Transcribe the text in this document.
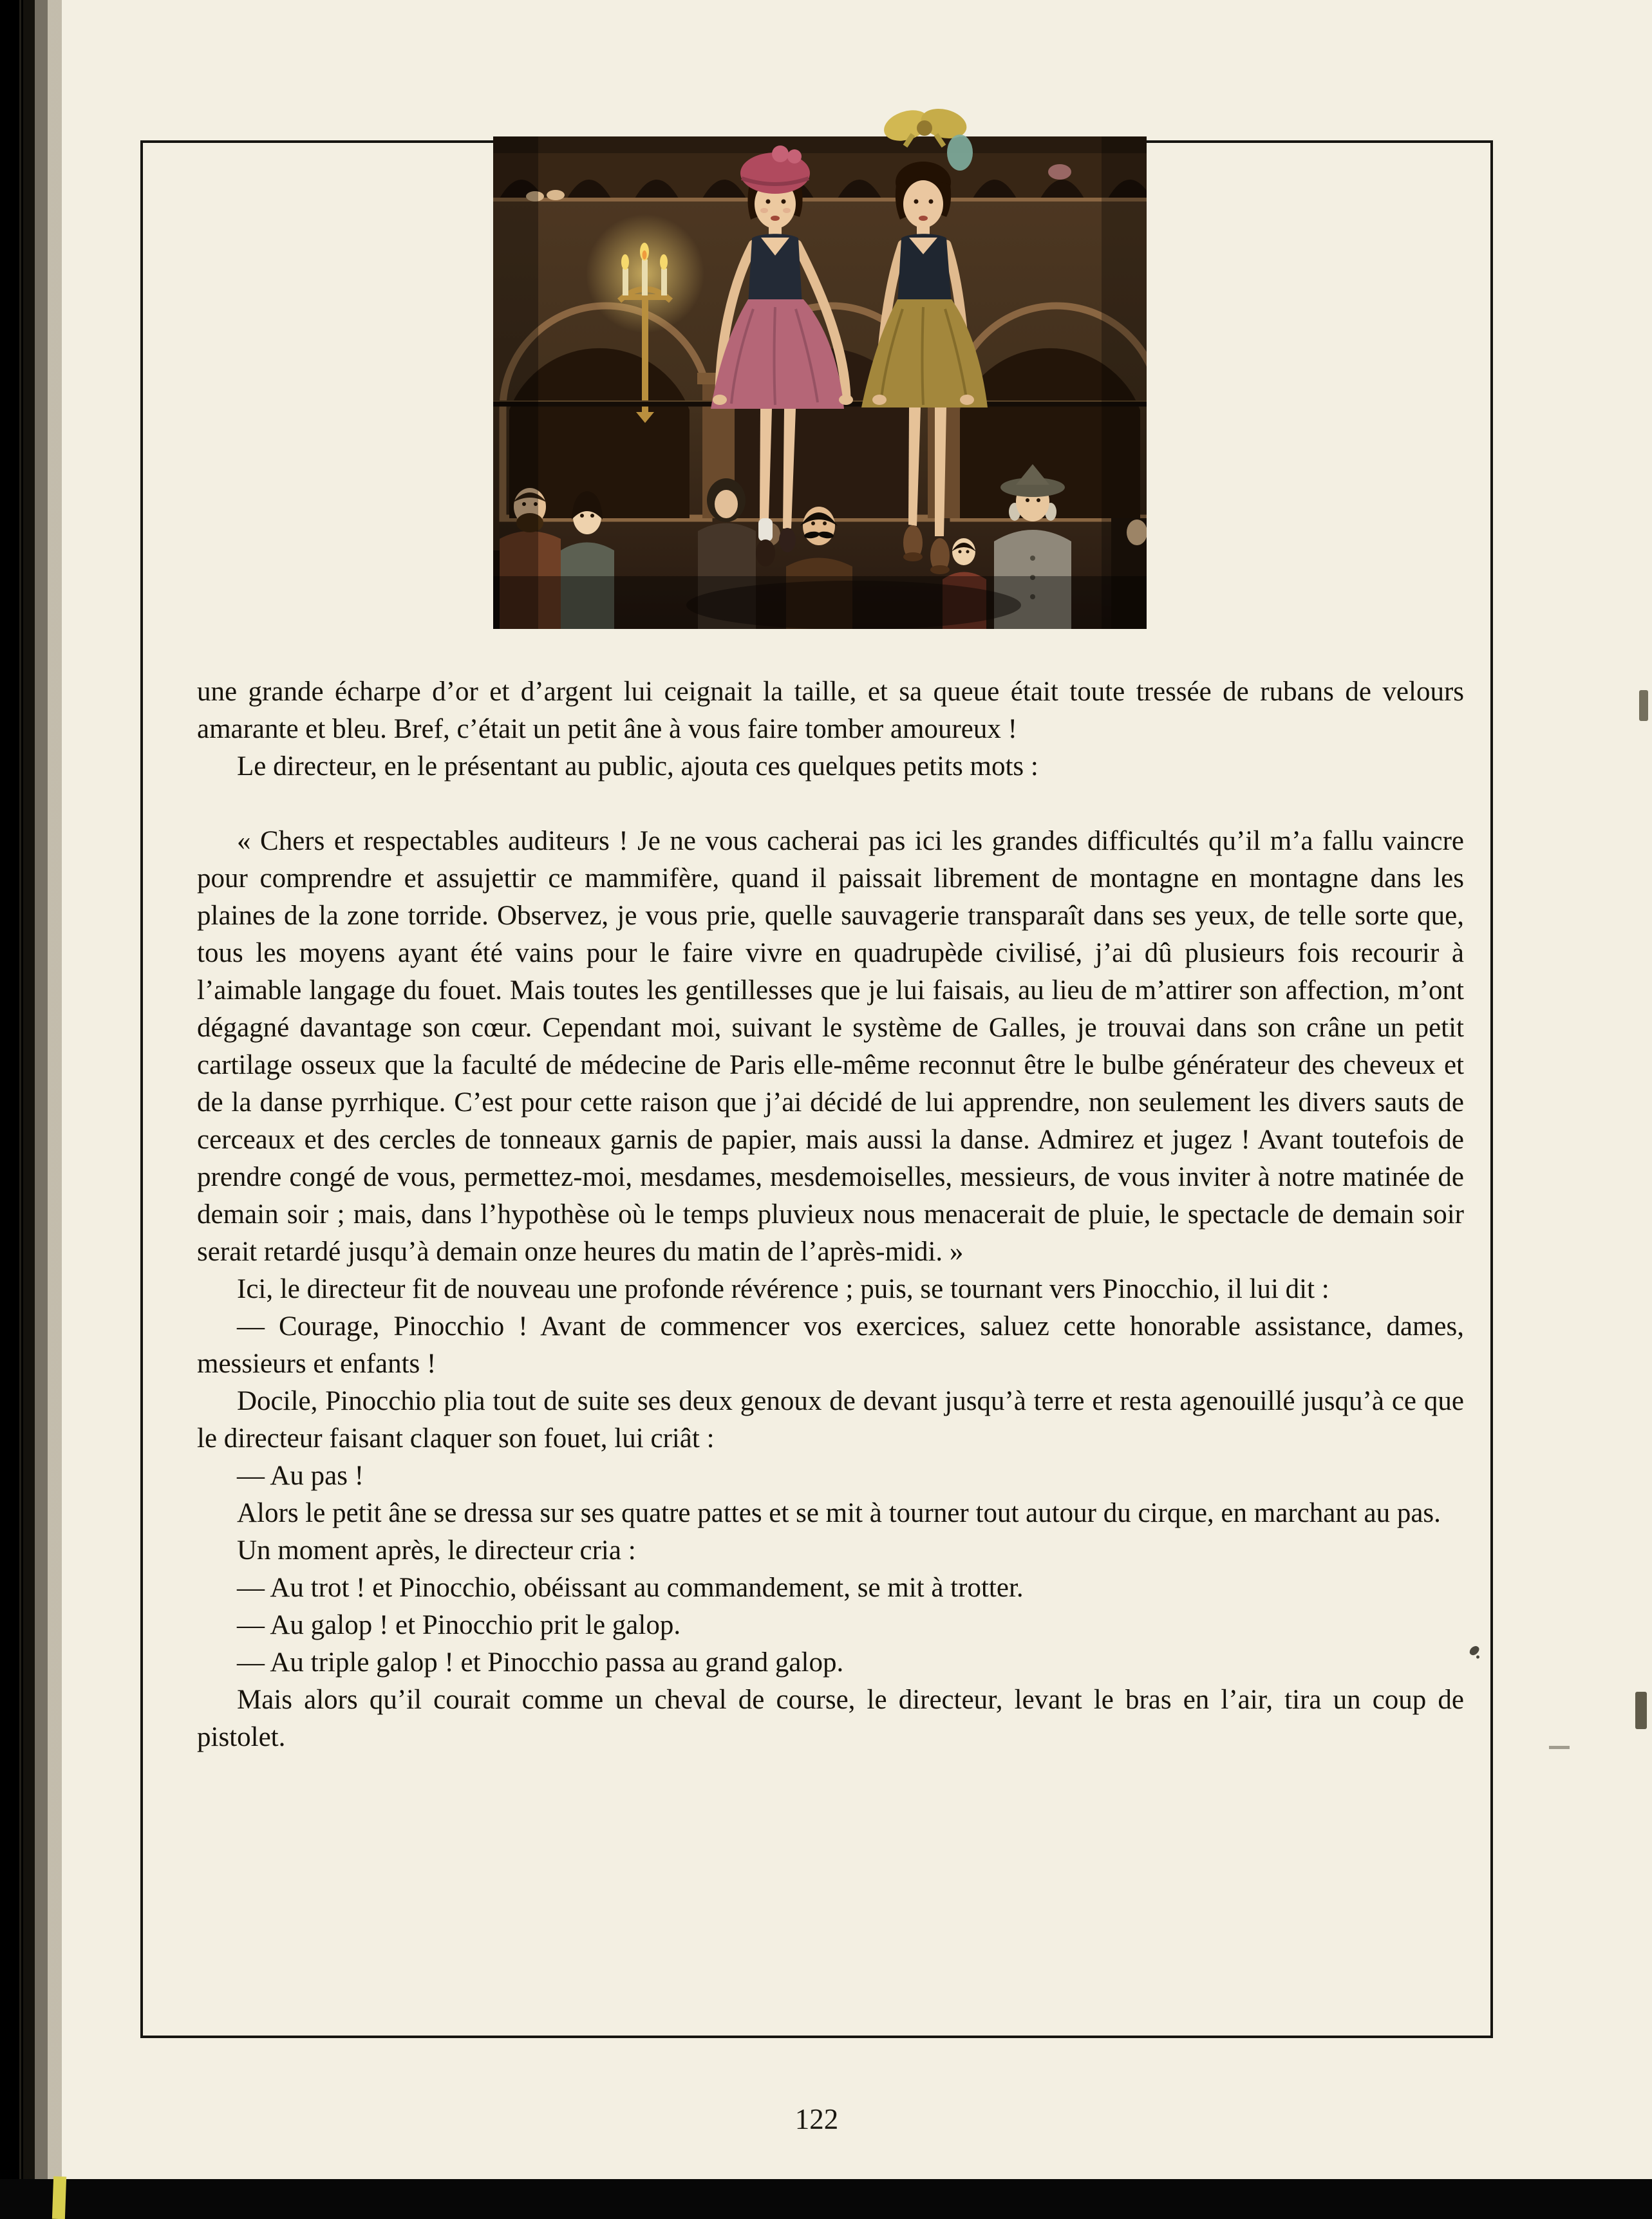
une grande écharpe d’or et d’argent lui ceignait la taille, et sa queue était toute tressée de rubans de velours amarante et bleu. Bref, c’était un petit âne à vous faire tomber amoureux !

Le directeur, en le présentant au public, ajouta ces quelques petits mots :

« Chers et respectables auditeurs ! Je ne vous cacherai pas ici les grandes difficultés qu’il m’a fallu vaincre pour comprendre et assujettir ce mammifère, quand il paissait librement de montagne en montagne dans les plaines de la zone torride. Observez, je vous prie, quelle sauvagerie transparaît dans ses yeux, de telle sorte que, tous les moyens ayant été vains pour le faire vivre en quadrupède civilisé, j’ai dû plusieurs fois recourir à l’aimable langage du fouet. Mais toutes les gentillesses que je lui faisais, au lieu de m’attirer son affection, m’ont dégagné davantage son cœur. Cependant moi, suivant le système de Galles, je trouvai dans son crâne un petit cartilage osseux que la faculté de médecine de Paris elle-même reconnut être le bulbe générateur des cheveux et de la danse pyrrhique. C’est pour cette raison que j’ai décidé de lui apprendre, non seulement les divers sauts de cerceaux et des cercles de tonneaux garnis de papier, mais aussi la danse. Admirez et jugez ! Avant toutefois de prendre congé de vous, permettez-moi, mesdames, mesdemoiselles, messieurs, de vous inviter à notre matinée de demain soir ; mais, dans l’hypothèse où le temps pluvieux nous menacerait de pluie, le spectacle de demain soir serait retardé jusqu’à demain onze heures du matin de l’après-midi. »

Ici, le directeur fit de nouveau une profonde révérence ; puis, se tournant vers Pinocchio, il lui dit :

— Courage, Pinocchio ! Avant de commencer vos exercices, saluez cette honorable assistance, dames, messieurs et enfants !

Docile, Pinocchio plia tout de suite ses deux genoux de devant jusqu’à terre et resta agenouillé jusqu’à ce que le directeur faisant claquer son fouet, lui criât :

— Au pas !

Alors le petit âne se dressa sur ses quatre pattes et se mit à tourner tout autour du cirque, en marchant au pas.

Un moment après, le directeur cria :

— Au trot ! et Pinocchio, obéissant au commandement, se mit à trotter.

— Au galop ! et Pinocchio prit le galop.

— Au triple galop ! et Pinocchio passa au grand galop.

Mais alors qu’il courait comme un cheval de course, le directeur, levant le bras en l’air, tira un coup de pistolet.

122
